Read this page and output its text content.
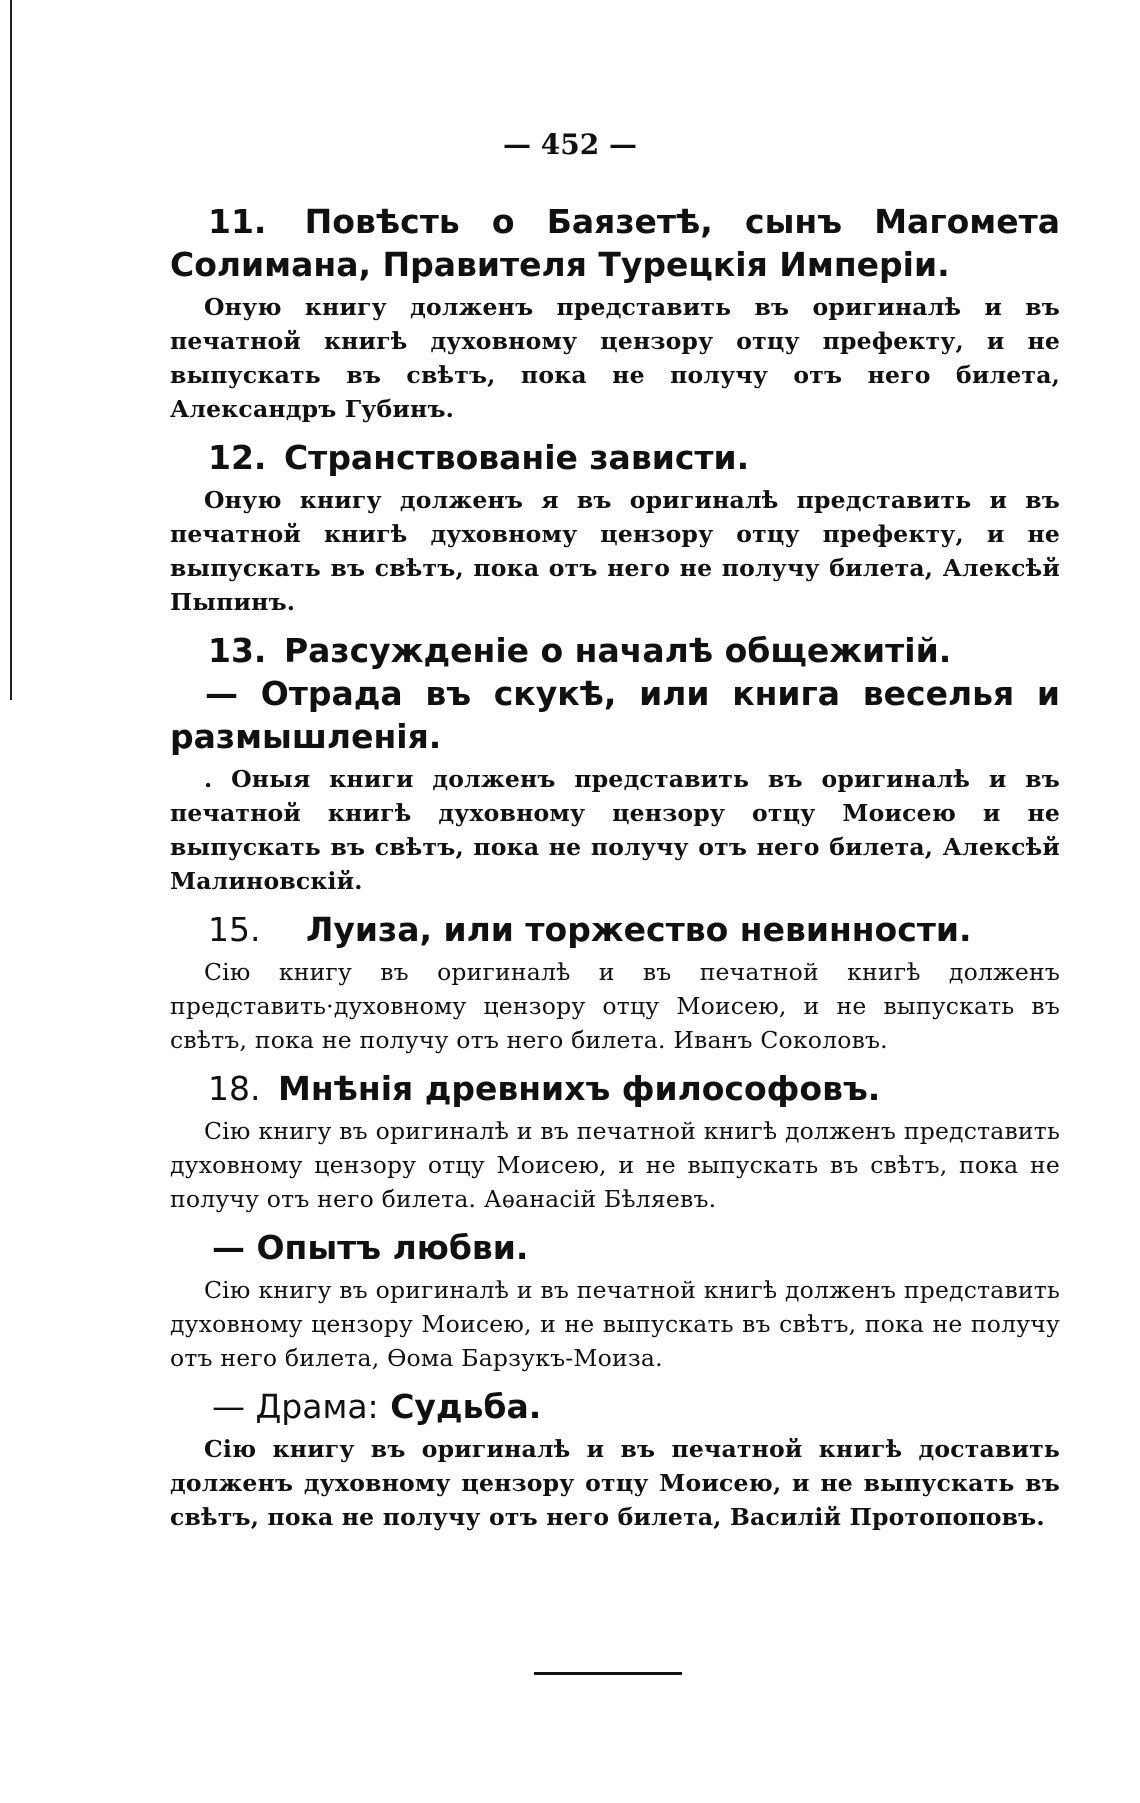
— 452 —
11. Повѣсть о Баязетѣ, сынъ Магомета Солимана, Правителя Турецкія Имперіи.
Оную книгу долженъ представить въ оригиналѣ и въ печатной книгѣ духовному цензору отцу префекту, и не выпускать въ свѣтъ, пока не получу отъ него билета, Александръ Губинъ.
12. Странствованіе зависти.
Оную книгу долженъ я въ оригиналѣ представить и въ печатной книгѣ духовному цензору отцу префекту, и не выпускать въ свѣтъ, пока отъ него не получу билета, Алексѣй Пыпинъ.
13. Разсужденіе о началѣ общежитій.
— Отрада въ скукѣ, или книга веселья и размышленія.
. Оныя книги долженъ представить въ оригиналѣ и въ печатной книгѣ духовному цензору отцу Моисею и не выпускать въ свѣтъ, пока не получу отъ него билета, Алексѣй Малиновскій.
15. Луиза, или торжество невинности.
Сію книгу въ оригиналѣ и въ печатной книгѣ долженъ представить·духовному цензору отцу Моисею, и не выпускать въ свѣтъ, пока не получу отъ него билета. Иванъ Соколовъ.
18. Мнѣнія древнихъ философовъ.
Сію книгу въ оригиналѣ и въ печатной книгѣ долженъ представить духовному цензору отцу Моисею, и не выпускать въ свѣтъ, пока не получу отъ него билета. Аѳанасій Бѣляевъ.
— Опытъ любви.
Сію книгу въ оригиналѣ и въ печатной книгѣ долженъ представить духовному цензору Моисею, и не выпускать въ свѣтъ, пока не получу отъ него билета, Ѳома Барзукъ-Моиза.
— Драма: Судьба.
Сію книгу въ оригиналѣ и въ печатной книгѣ доставить долженъ духовному цензору отцу Моисею, и не выпускать въ свѣтъ, пока не получу отъ него билета, Василій Протопоповъ.
